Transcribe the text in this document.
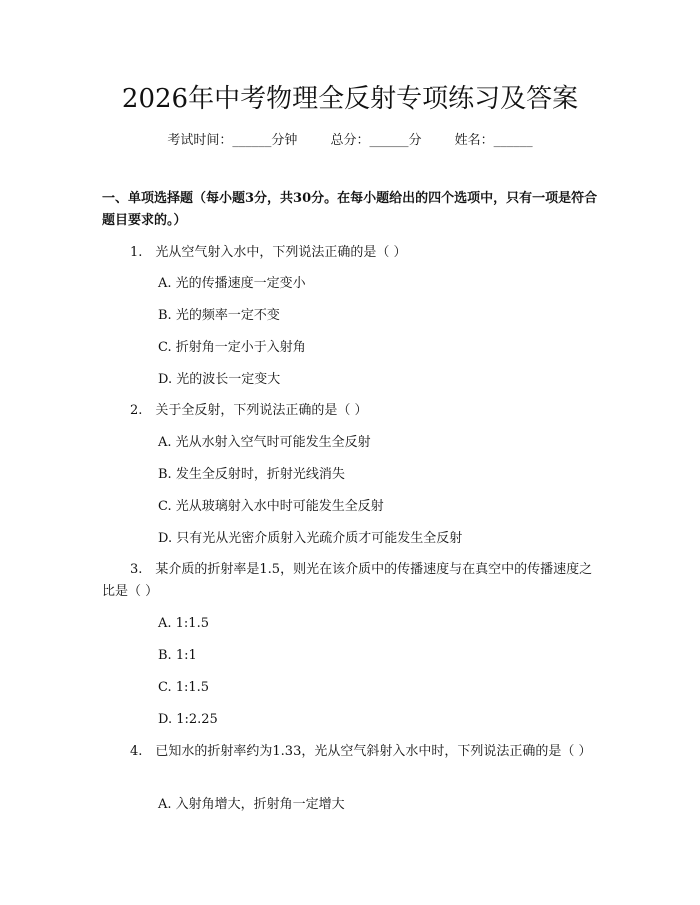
2026年中考物理全反射专项练习及答案
考试时间：______分钟	总分：______分	姓名：______
一、单项选择题（每小题3分，共30分。在每小题给出的四个选项中，只有一项是符合题目要求的。）
1.　光从空气射入水中，下列说法正确的是（ ）
A. 光的传播速度一定变小
B. 光的频率一定不变
C. 折射角一定小于入射角
D. 光的波长一定变大
2.　关于全反射，下列说法正确的是（ ）
A. 光从水射入空气时可能发生全反射
B. 发生全反射时，折射光线消失
C. 光从玻璃射入水中时可能发生全反射
D. 只有光从光密介质射入光疏介质才可能发生全反射
3.　某介质的折射率是1.5，则光在该介质中的传播速度与在真空中的传播速度之比是（ ）
A. 1:1.5
B. 1:1
C. 1:1.5
D. 1:2.25
4.　已知水的折射率约为1.33，光从空气斜射入水中时，下列说法正确的是（ ）
A. 入射角增大，折射角一定增大
